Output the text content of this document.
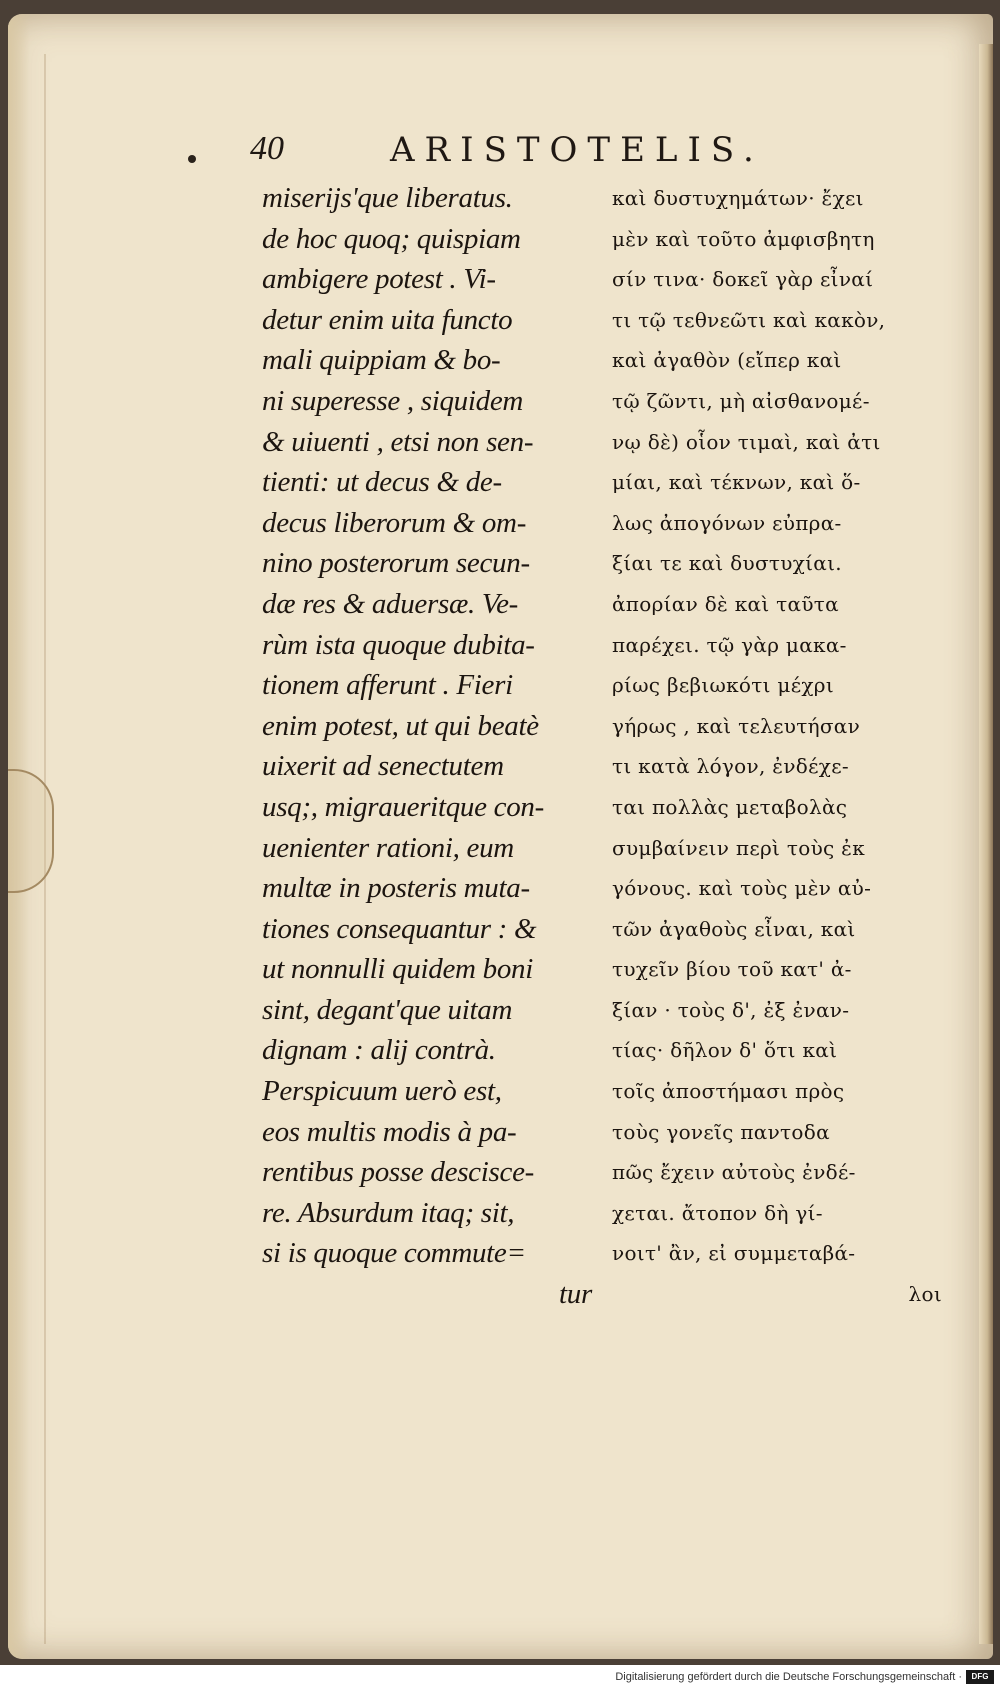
40	ARISTOTELIS.
miserijs'que liberatus.
de hoc quoq; quispiam
ambigere potest . Vi-
detur enim uita functo
mali quippiam & bo-
ni superesse , siquidem
& uiuenti , etsi non sen-
tienti: ut decus & de-
decus liberorum & om-
nino posterorum secun-
dæ res & aduersæ. Ve-
rùm ista quoque dubita-
tionem afferunt . Fieri
enim potest, ut qui beatè
uixerit ad senectutem
usq;, migraueritque con-
uenienter rationi, eum
multæ in posteris muta-
tiones consequantur : &
ut nonnulli quidem boni
sint, degant'que uitam
dignam : alij contrà.
Perspicuum uerò est,
eos multis modis à pa-
rentibus posse descisce-
re. Absurdum itaq; sit,
si is quoque commute=
tur
καὶ δυστυχημάτων· ἔχει
μὲν καὶ τοῦτο ἀμφισβητη
σίν τινα· δοκεῖ γὰρ εἶναί
τι τῷ τεθνεῶτι καὶ κακὸν,
καὶ ἀγαθὸν (εἴπερ καὶ
τῷ ζῶντι, μὴ αἰσθανομέ-
νῳ δὲ) οἷον τιμαὶ, καὶ ἀτι
μίαι, καὶ τέκνων, καὶ ὅ-
λως ἀπογόνων εὐπρα-
ξίαι τε καὶ δυστυχίαι.
ἀπορίαν δὲ καὶ ταῦτα
παρέχει. τῷ γὰρ μακα-
ρίως βεβιωκότι μέχρι
γήρως , καὶ τελευτήσαν
τι κατὰ λόγον, ἐνδέχε-
ται πολλὰς μεταβολὰς
συμβαίνειν περὶ τοὺς ἐκ
γόνους. καὶ τοὺς μὲν αὐ-
τῶν ἀγαθοὺς εἶναι, καὶ
τυχεῖν βίου τοῦ κατ' ἀ-
ξίαν · τοὺς δ', ἐξ ἐναν-
τίας· δῆλον δ' ὅτι καὶ
τοῖς ἀποστήμασι πρὸς
τοὺς γονεῖς παντοδα
πῶς ἔχειν αὐτοὺς ἐνδέ-
χεται. ἄτοπον δὴ γί-
νοιτ' ἂν, εἰ συμμεταβά-
λοι
Digitalisierung gefördert durch die Deutsche Forschungsgemeinschaft ·	DFG
